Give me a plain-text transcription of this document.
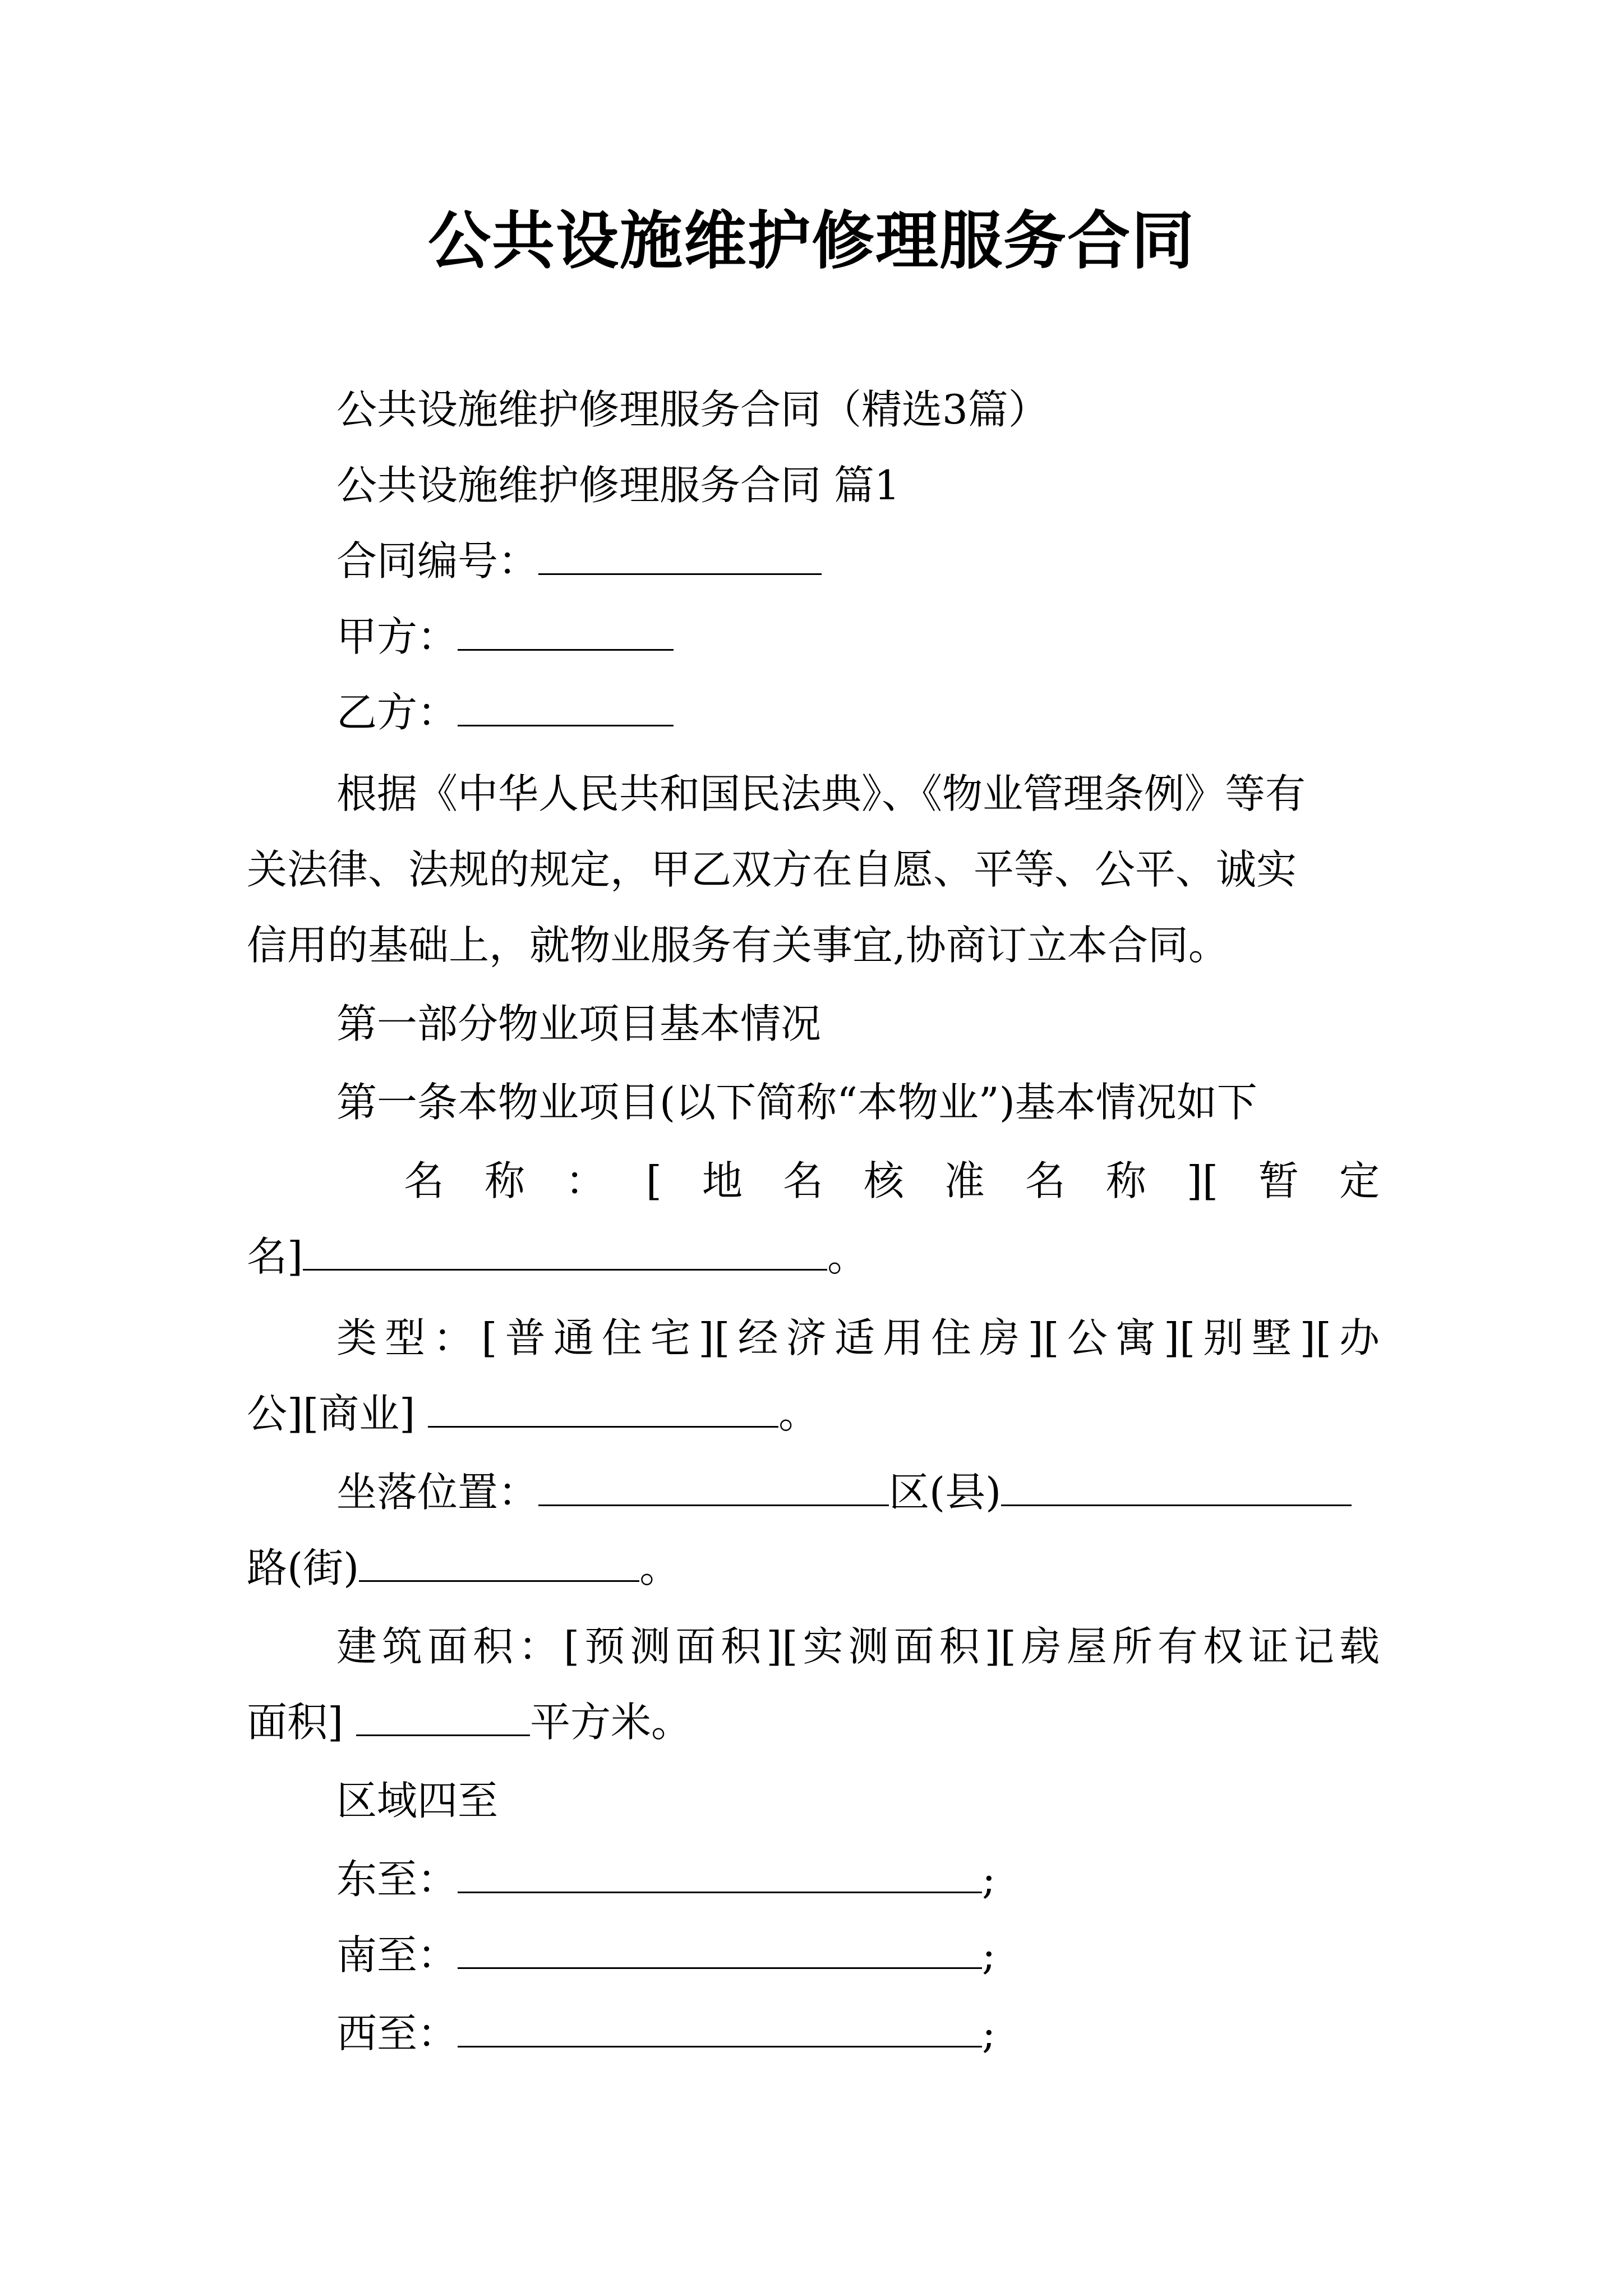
公共设施维护修理服务合同
公共设施维护修理服务合同（精选3篇）
公共设施维护修理服务合同 篇1
合同编号：
甲方：
乙方：
根据《中华人民共和国民法典》、《物业管理条例》等有
关法律、法规的规定，甲乙双方在自愿、平等、公平、诚实
信用的基础上，就物业服务有关事宜,协商订立本合同。
第一部分物业项目基本情况
第一条本物业项目(以下简称“本物业”)基本情况如下
名称：[地名核准名称][暂定
名]	。
类型：[普通住宅][经济适用住房][公寓][别墅][办
公][商业]	。
坐落位置：	区(县)
路(街)	。
建筑面积：[预测面积][实测面积][房屋所有权证记载
面积]	平方米。
区域四至
东至：	;
南至：	;
西至：	;
